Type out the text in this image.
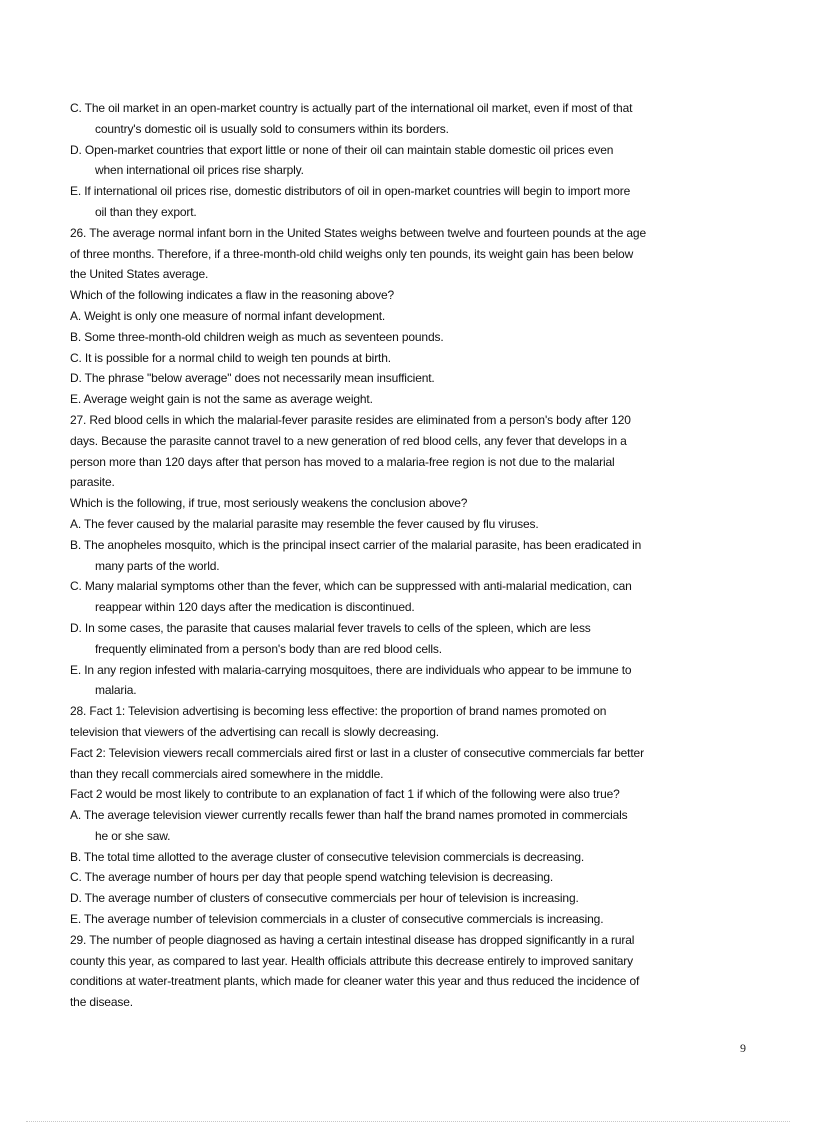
C. The oil market in an open-market country is actually part of the international oil market, even if most of that

country's domestic oil is usually sold to consumers within its borders.

D. Open-market countries that export little or none of their oil can maintain stable domestic oil prices even

when international oil prices rise sharply.

E. If international oil prices rise, domestic distributors of oil in open-market countries will begin to import more

oil than they export.

26. The average normal infant born in the United States weighs between twelve and fourteen pounds at the age

of three months. Therefore, if a three-month-old child weighs only ten pounds, its weight gain has been below

the United States average.

Which of the following indicates a flaw in the reasoning above?

A. Weight is only one measure of normal infant development.

B. Some three-month-old children weigh as much as seventeen pounds.

C. It is possible for a normal child to weigh ten pounds at birth.

D. The phrase "below average" does not necessarily mean insufficient.

E. Average weight gain is not the same as average weight.

27. Red blood cells in which the malarial-fever parasite resides are eliminated from a person's body after 120

days. Because the parasite cannot travel to a new generation of red blood cells, any fever that develops in a

person more than 120 days after that person has moved to a malaria-free region is not due to the malarial

parasite.

Which is the following, if true, most seriously weakens the conclusion above?

A. The fever caused by the malarial parasite may resemble the fever caused by flu viruses.

B. The anopheles mosquito, which is the principal insect carrier of the malarial parasite, has been eradicated in

many parts of the world.

C. Many malarial symptoms other than the fever, which can be suppressed with anti-malarial medication, can

reappear within 120 days after the medication is discontinued.

D. In some cases, the parasite that causes malarial fever travels to cells of the spleen, which are less

frequently eliminated from a person's body than are red blood cells.

E. In any region infested with malaria-carrying mosquitoes, there are individuals who appear to be immune to

malaria.

28. Fact 1: Television advertising is becoming less effective: the proportion of brand names promoted on

television that viewers of the advertising can recall is slowly decreasing.

Fact 2: Television viewers recall commercials aired first or last in a cluster of consecutive commercials far better

than they recall commercials aired somewhere in the middle.

Fact 2 would be most likely to contribute to an explanation of fact 1 if which of the following were also true?

A. The average television viewer currently recalls fewer than half the brand names promoted in commercials

he or she saw.

B. The total time allotted to the average cluster of consecutive television commercials is decreasing.

C. The average number of hours per day that people spend watching television is decreasing.

D. The average number of clusters of consecutive commercials per hour of television is increasing.

E. The average number of television commercials in a cluster of consecutive commercials is increasing.

29. The number of people diagnosed as having a certain intestinal disease has dropped significantly in a rural

county this year, as compared to last year. Health officials attribute this decrease entirely to improved sanitary

conditions at water-treatment plants, which made for cleaner water this year and thus reduced the incidence of

the disease.

9
